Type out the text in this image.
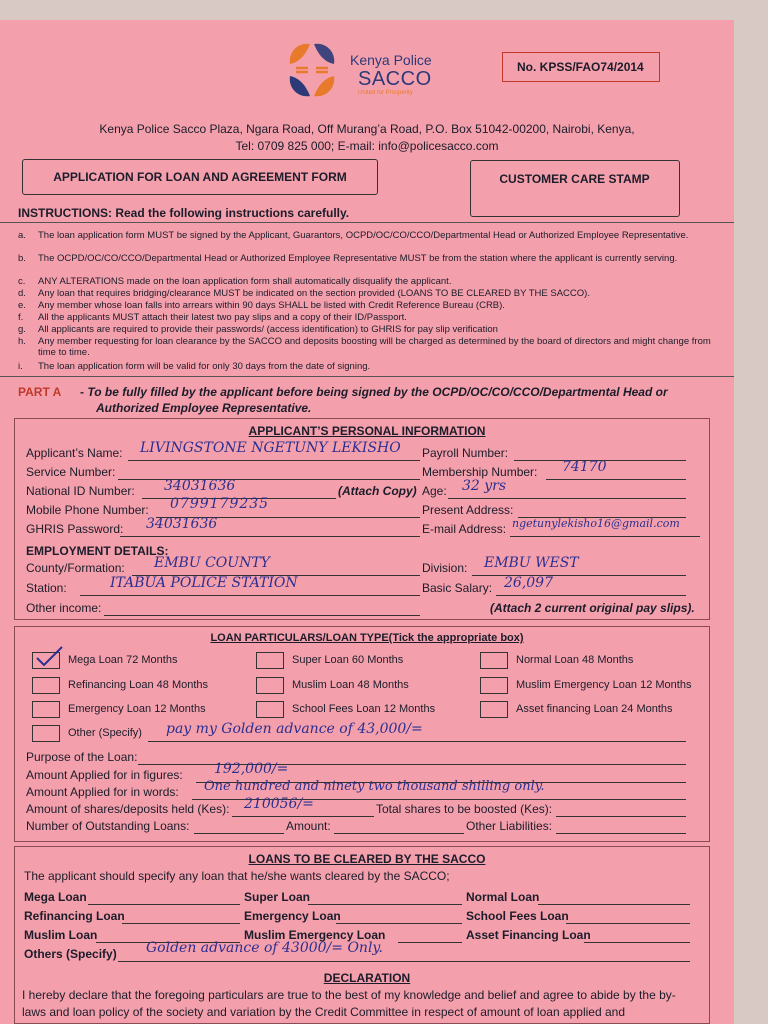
Kenya Police
SACCO
United for Prosperity
No. KPSS/FAO74/2014
Kenya Police Sacco Plaza, Ngara Road, Off Murang’a Road, P.O. Box 51042-00200, Nairobi, Kenya,
Tel: 0709 825 000; E-mail: info@policesacco.com
APPLICATION FOR LOAN AND AGREEMENT FORM	CUSTOMER CARE STAMP
INSTRUCTIONS: Read the following instructions carefully.
a. The loan application form MUST be signed by the Applicant, Guarantors, OCPD/OC/CO/CCO/Departmental Head or Authorized Employee Representative.
b. The OCPD/OC/CO/CCO/Departmental Head or Authorized Employee Representative MUST be from the station where the applicant is currently serving.
c. ANY ALTERATIONS made on the loan application form shall automatically disqualify the applicant.
d. Any loan that requires bridging/clearance MUST be indicated on the section provided (LOANS TO BE CLEARED BY THE SACCO).
e. Any member whose loan falls into arrears within 90 days SHALL be listed with Credit Reference Bureau (CRB).
f. All the applicants MUST attach their latest two pay slips and a copy of their ID/Passport.
g. All applicants are required to provide their passwords/ (access identification) to GHRIS for pay slip verification
h. Any member requesting for loan clearance by the SACCO and deposits boosting will be charged as determined by the board of directors and might change from time to time.
i. The loan application form will be valid for only 30 days from the date of signing.
PART A - To be fully filled by the applicant before being signed by the OCPD/OC/CO/CCO/Departmental Head or
Authorized Employee Representative.
APPLICANT’S PERSONAL INFORMATION
Applicant’s Name: LIVINGSTONE NGETUNY LEKISHO Payroll Number:
Service Number:	Membership Number: 74170
National ID Number: 34031636	(Attach Copy) Age: 32 yrs
Mobile Phone Number: 0799179235	Present Address:
GHRIS Password: 34031636	E-mail Address: ngetunylekisho16@gmail.com
EMPLOYMENT DETAILS:
County/Formation: EMBU COUNTY	Division: EMBU WEST
Station:	ITABUA POLICE STATION	Basic Salary: 26,097
Other income:	(Attach 2 current original pay slips).
LOAN PARTICULARS/LOAN TYPE(Tick the appropriate box)
Mega Loan 72 Months	Super Loan 60 Months	Normal Loan 48 Months
Refinancing Loan 48 Months	Muslim Loan 48 Months	Muslim Emergency Loan 12 Months
Emergency Loan 12 Months	School Fees Loan 12 Months	Asset financing Loan 24 Months
Other (Specify) pay my Golden advance of 43,000/=
Purpose of the Loan:
Amount Applied for in figures: 192,000/=
Amount Applied for in words: One hundred and ninety two thousand shilling only.
Amount of shares/deposits held (Kes): 210056/=	Total shares to be boosted (Kes):
Number of Outstanding Loans:	Amount:	Other Liabilities:
LOANS TO BE CLEARED BY THE SACCO
The applicant should specify any loan that he/she wants cleared by the SACCO;
Mega Loan	Super Loan	Normal Loan
Refinancing Loan	Emergency Loan	School Fees Loan
Muslim Loan	Muslim Emergency Loan	Asset Financing Loan
Others (Specify) Golden advance of 43000/= Only.
DECLARATION
I hereby declare that the foregoing particulars are true to the best of my knowledge and belief and agree to abide by the by-
laws and loan policy of the society and variation by the Credit Committee in respect of amount of loan applied and
